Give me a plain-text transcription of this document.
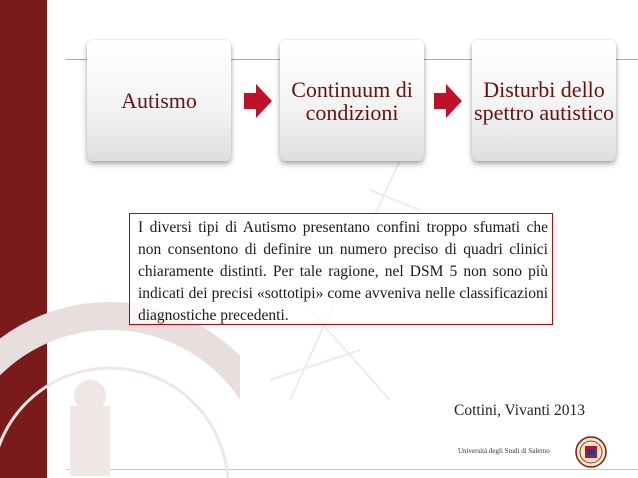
Autismo	Continuum di condizioni
Disturbi dello spettro autistico

I diversi tipi di Autismo presentano confini troppo sfumati che non consentono di definire un numero preciso di quadri clinici chiaramente distinti. Per tale ragione, nel DSM 5 non sono più indicati dei precisi «sottotipi» come avveniva nelle classificazioni diagnostiche precedenti.

Cottini, Vivanti 2013
Università degli Studi di Salerno
